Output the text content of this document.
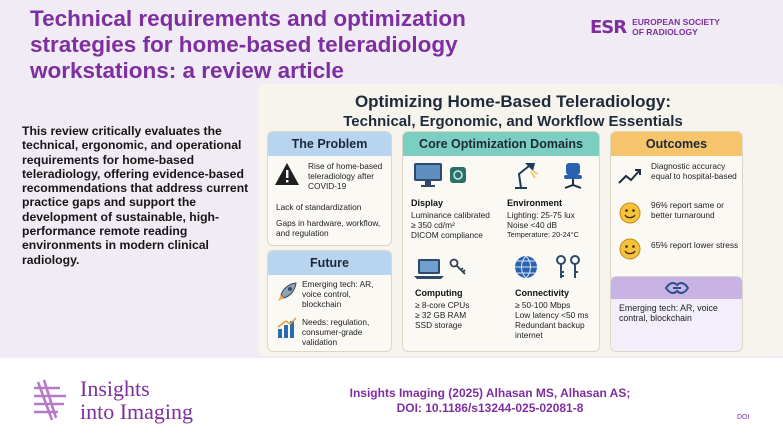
Technical requirements and optimization strategies for home-based teleradiology workstations: a review article
ESR EUROPEAN SOCIETY
OF RADIOLOGY
This review critically evaluates the technical, ergonomic, and operational requirements for home-based teleradiology, offering evidence-based recommendations that address current practice gaps and support the development of sustainable, high-performance remote reading environments in modern clinical radiology.
Optimizing Home-Based Teleradiology:
Technical, Ergonomic, and Workflow Essentials
The Problem
Rise of home-based teleradiology after COVID-19
Lack of standardization
Gaps in hardware, workflow, and regulation
Future
Emerging tech: AR, voice control, blockchain
Needs: regulation, consumer-grade validation
Core Optimization Domains
Display
Luminance calibrated
≥ 350 cd/m²
DICOM compliance
Environment
Lighting: 25-75 lux
Noise <40 dB
Temperature: 20-24°C
Computing
≥ 8-core CPUs
≥ 32 GB RAM
SSD storage
Connectivity
≥ 50-100 Mbps
Low latency <50 ms
Redundant backup internet
Outcomes
Diagnostic accuracy equal to hospital-based
96% report same or better turnaround
65% report lower stress
Emerging tech: AR, voice contral, blockchain
Insights
into Imaging
Insights Imaging (2025) Alhasan MS, Alhasan AS;
DOI: 10.1186/s13244-025-02081-8
DOI
